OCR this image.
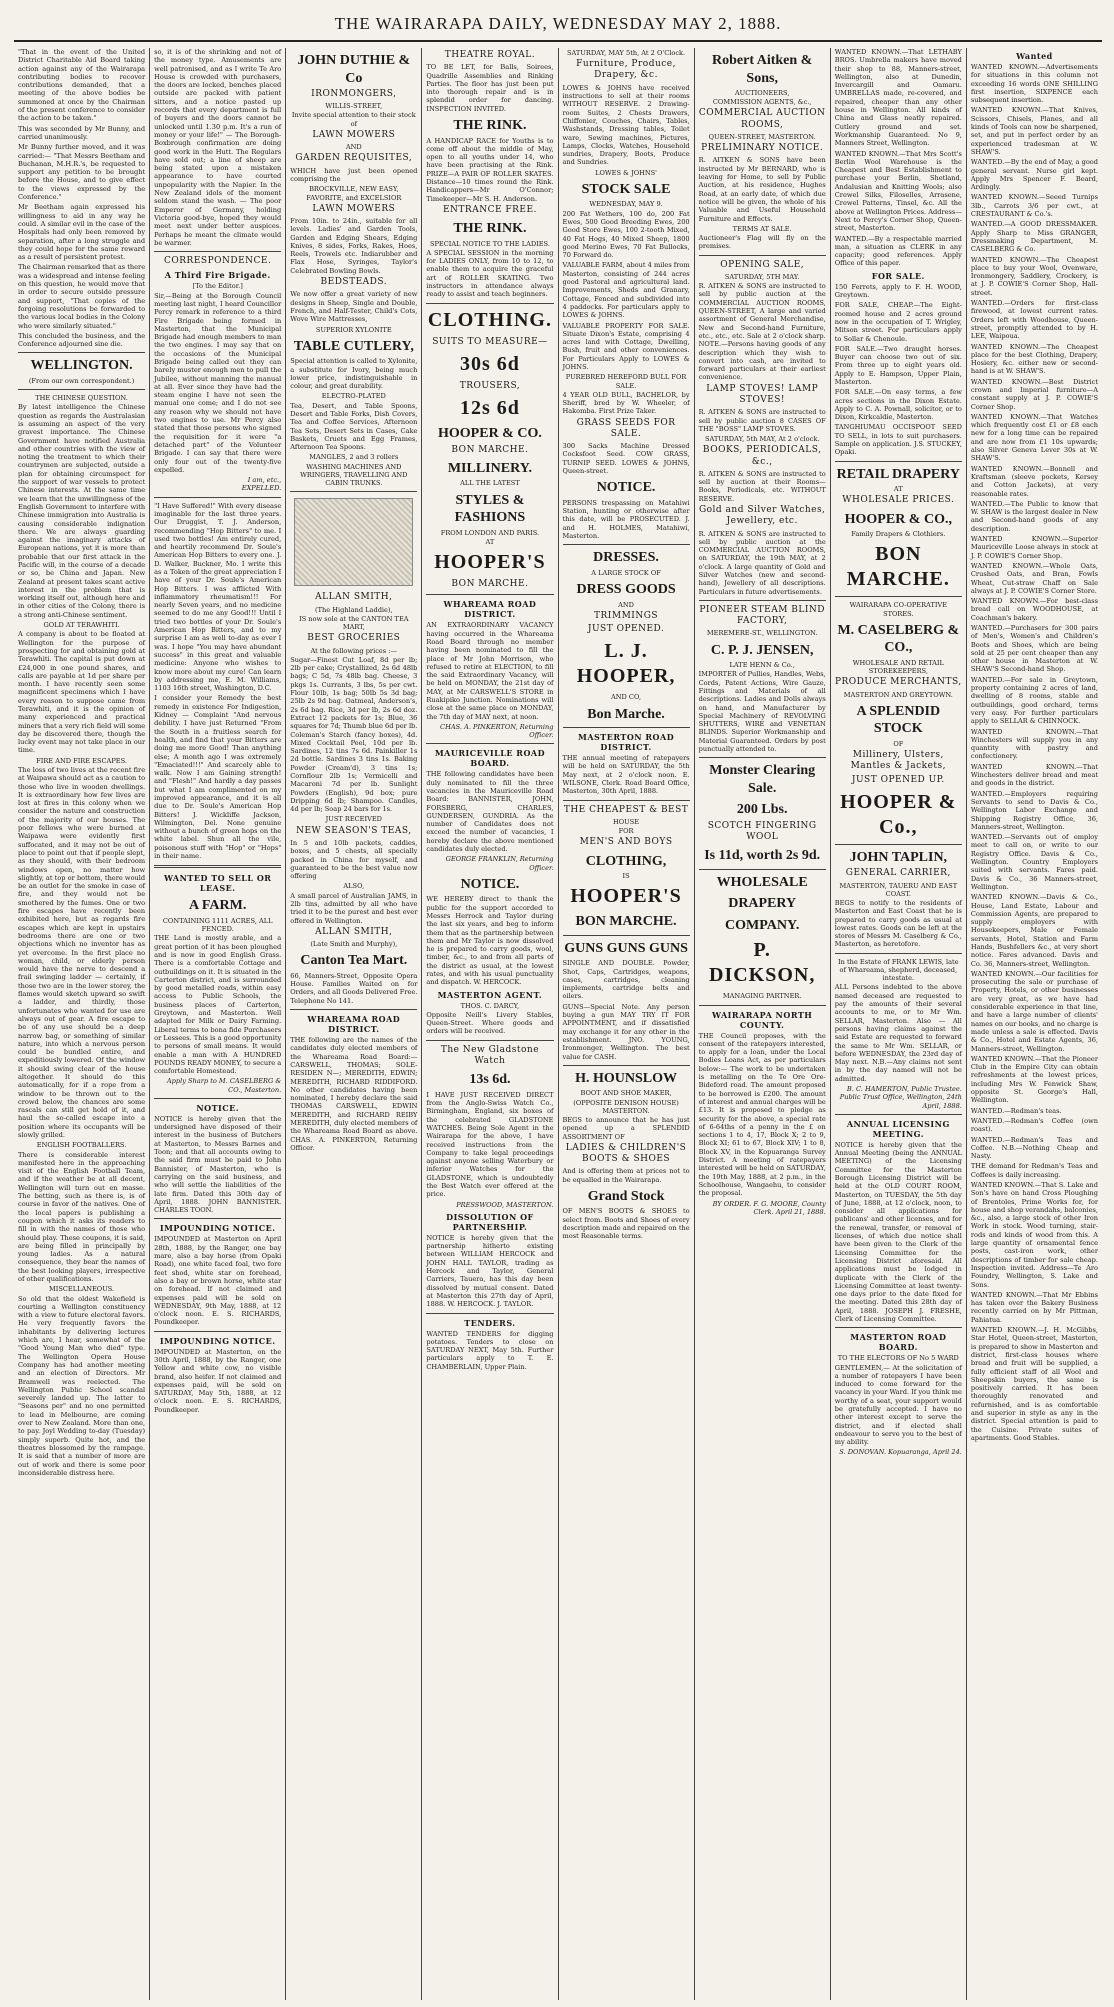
THE WAIRARAPA DAILY, WEDNESDAY MAY 2, 1888.

"That in the event of the United District Charitable Aid Board taking action against any of the Wairarapa contributing bodies to recover contributions demanded, that a meeting of the above bodies be summoned at once by the Chairman of the present conference to consider the action to be taken."

This was seconded by Mr Bunny, and carried unanimously.

Mr Bunny further moved, and it was carried:— "That Messrs Beetham and Buchanan, M.H.R.'s, be requested to support any petition to be brought before the House, and to give effect to the views expressed by the Conference."

Mr Beetham again expressed his willingness to aid in any way he could. A similar evil in the case of the Hospitals had only been removed by separation, after a long struggle and they could hope for the same reward as a result of persistent protest.

The Chairman remarked that as there was a widespread and intense feeling on this question, he would move that in order to secure outside pressure and support, "That copies of the forgoing resolutions be forwarded to the various local bodies in the Colony who were similarly situated."

This concluded the business, and the Conference adjourned sine die.

WELLINGTON.
(From our own correspondent.)
THE CHINESE QUESTION.

By latest intelligence the Chinese question as regards the Australasian is assuming an aspect of the very gravest importance. The Chinese Government have notified Australia and other countries with the view of noting the treatment to which their countrymen are subjected, outside a plan for obtaining circumspect for the support of war vessels to protect Chinese interests. At the same time we learn that the unwillingness of the English Government to interfere with Chinese immigration into Australia is causing considerable indignation there. We are always guarding against the imaginary attacks of European nations, yet it is more than probable that our first attack in the Pacific will, in the course of a decade or so, be China and Japan. New Zealand at present takes scant active interest in the problem that is working itself out, although here and in other cities of the Colony, there is a strong anti-Chinese sentiment.

GOLD AT TERAWHITI.

A company is about to be floated at Wellington for the purpose of prospecting for and obtaining gold at Terawhiti. The capital is put down at £24,000 in one pound shares, and calls are payable at 1d per share per month. I have recently seen some magnificent specimens which I have every reason to suppose came from Terawhiti, and it is the opinion of many experienced and practical miners that a very rich field will some day be discovered there, though the lucky event may not take place in our time.

FIRE AND FIRE ESCAPES.

The loss of two lives at the recent fire at Waipawa should act as a caution to those who live in wooden dwellings. It is extraordinary how few lives are lost at fires in this colony when we consider the nature and construction of the majority of our houses. The poor fellows who were burned at Waipawa were evidently first suffocated, and it may not be out of place to point out that if people slept, as they should, with their bedroom windows open, no matter how slightly, at top or bottom, there would be an outlet for the smoke in case of fire, and they would not be smothered by the fumes. One or two fire escapes have recently been exhibited here, but as regards fire escapes which are kept in upstairs bedrooms there are one or two objections which no inventor has as yet overcome. In the first place no woman, child, or elderly person would have the nerve to descend a frail swinging ladder — certainly, if those two are in the lower storey, the flames would sketch upward so swift a ladder, and thirdly, those unfortunates who wanted for use are always out of gear. A fire escape to be of any use should be a deep narrow bag, or something of similar nature, into which a nervous person could be bundled entire, and expeditiously lowered. Of the window it should swing clear of the house altogether. It should do this automatically, for if a rope from a window to be thrown out to the crowd below, the chances are some rascals can still get hold of it, and haul the so-called escape into a position where its occupants will be slowly grilled.

ENGLISH FOOTBALLERS.

There is considerable interest manifested here in the approaching visit of the English Football Team, and if the weather be at all decent, Wellington will turn out en masse. The betting, such as there is, is of course in favor of the natives. One of the local papers is publishing a coupon which it asks its readers to fill in with the names of those who should play. These coupons, it is said, are being filled in principally by young ladies. As a natural consequence, they bear the names of the best looking players, irrespective of other qualifications.

MISCELLANEOUS.

So old that the oldest Wakefield is courting a Wellington constituency with a view to future electoral favors. He very frequently favors the inhabitants by delivering lectures which are, I hear, somewhat of the "Good Young Man who died" type. The Wellington Opera House Company has had another meeting and an election of Directors. Mr Bramwell was reelected. The Wellington Public School scandal severely landed up. The latter to "Seasons per" and no one permitted to lead in Melbourne, are coming over to New Zealand. More than one, to pay. Joyl Wedding to-day (Tuesday) simply superb. Quite hot, and the theatres blossomed by the rampage. It is said that a number of more are out of work and there is some poor inconsiderable distress here.

so, it is of the shrinking and not of the money type. Amusements are well patronised, and as I write Te Aro House is crowded with purchasers, the doors are locked, benches placed outside are packed with patient sitters, and a notice pasted up records that every department is full of buyers and the doors cannot be unlocked until 1.30 p.m. It's a run of money or your life!" — The Borough-Boxbrough confirmation are doing good work in the Hutt. The Regulars have sold out; a line of sheep are being stated upon a mistaken appearance to have courted unpopularity with the Napier. In the New Zealand idols of the moment seldom stand the wash. — The poor Emperor of Germany, holding Victoria good-bye, hoped they would meet next under better auspices. Perhaps he meant the climate would be warmer.

CORRESPONDENCE.
A Third Fire Brigade.
[To the Editor.]

Sir,—Being at the Borough Council meeting last night, I heard Councillor Percy remark in reference to a third Fire Brigade being formed in Masterton, that the Municipal Brigade had enough members to man the two engines. I may say that on the occasions of the Municipal Brigade being called out they can barely muster enough men to pull the Jubilee, without manning the manual at all. Ever since they have had the steam engine I have not seen the manual one come; and I do not see any reason why we should not have two engines to use. Mr Percy also stated that those persons who signed the requisition for it were "a detached part" of the Volunteer Brigade. I can say that there were only four out of the twenty-five expelled.

I am, etc.,
EXPELLED.

"I Have Suffered!" With every disease imaginable for the last three years. Our Druggist, T. J. Anderson, recommending "Hop Bitters" to me. I used two bottles! Am entirely cured, and heartily recommend Dr. Soule's American Hop Bitters to every one. J. D. Walker, Buckner, Mo. I write this as a Token of the great appreciation I have of your Dr. Soule's American Hop Bitters. I was afflicted With inflammatory rheumatism!!! For nearly Seven years, and no medicine seemed to do me any Good!!! Until I tried two bottles of your Dr. Soule's American Hop Bitters, and to my surprise I am as well to-day as ever I was. I hope "You may have abundant success" in this great and valuable medicine: Anyone who wishes to know more about my cure! Can learn by addressing me, E. M. Williams, 1103 16th street, Washington, D.C.

I consider your Remedy the best remedy in existence For Indigestion, Kidney — Complaint "And nervous debility. I have just Returned "From the South in a fruitless search for health, and find that your Bitters are doing me more Good! Than anything else; A month ago I was extremely "Emaciated!!!" And scarcely able to walk. Now I am Gaining strength! and "Flesh!" And hardly a day passes but what I am complimented on my improved appearance, and it is all due to Dr. Soule's American Hop Bitters! J. Wickliffe Jackson, Wilmington, Del. None genuine without a bunch of green hops on the white label. Shun all the vile, poisonous stuff with "Hop" or "Hops" in their name.

WANTED TO SELL OR LEASE.
A FARM.
CONTAINING 1111 ACRES, ALL FENCED.

THE Land is mostly arable, and a great portion of it has been ploughed and is now in good English Grass. There is a comfortable Cottage and outbuildings on it. It is situated in the Carterton district, and is surrounded by good metalled roads, within easy access to Public Schools, the business places of Carterton, Greytown, and Masterton. Well adapted for Milk or Dairy Farming. Liberal terms to bona fide Purchasers or Lessees. This is a good opportunity to persons of small means. It would enable a man with A HUNDRED POUNDS READY MONEY, to secure a comfortable Homestead.

Apply Sharp to M. CASELBERG & CO., Masterton.
NOTICE.

NOTICE is hereby given that the undersigned have disposed of their interest in the business of Butchers at Masterton, to Messrs Barnes and Toon; and that all accounts owing to the said firm must be paid to John Bannister, of Masterton, who is carrying on the said business, and who will settle the liabilities of the late firm. Dated this 30th day of April, 1888. JOHN BANNISTER. CHARLES TOON.

IMPOUNDING NOTICE.

IMPOUNDED at Masterton on April 28th, 1888, by the Ranger, one bay mare, also a bay horse (from Opaki Road), one white faced foal, two fore feet shod, white star on forehead, also a bay or brown horse, white star on forehead. If not claimed and expenses paid will be sold on WEDNESDAY, 9th May, 1888, at 12 o'clock noon. E. S. RICHARDS, Poundkeeper.

IMPOUNDING NOTICE.

IMPOUNDED at Masterton, on the 30th April, 1888, by the Ranger, one Yellow and white cow, no visible brand, also heifer. If not claimed and expenses paid, will be sold on SATURDAY, May 5th, 1888, at 12 o'clock noon. E. S. RICHARDS, Poundkeeper.

JOHN DUTHIE & Co
IRONMONGERS,
WILLIS-STREET,
Invite special attention to their stock of
LAWN MOWERS
AND
GARDEN REQUISITES,

WHICH have just been opened comprising the

BROCKVILLE, NEW EASY, FAVORITE, and EXCELSIOR
LAWN MOWERS

From 10in. to 24in., suitable for all levels. Ladies' and Garden Tools, Garden and Edging Shears, Edging Knives, 8 sides, Forks, Rakes, Hoes, Reels, Trowels etc. Indiarubber and Flax Hose, Syringes, Taylor's Celebrated Bowling Bowls.

BEDSTEADS.

We now offer a great variety of new designs in Sheep, Single and Double, French, and Half-Tester, Child's Cots, Wove Wire Mattresses,

SUPERIOR XYLONITE
TABLE CUTLERY,

Special attention is called to Xylonite, a substitute for Ivory, being much lower price, indistinguishable in colour, and great durability.

ELECTRO-PLATED

Tea, Desert, and Table Spoons, Desert and Table Forks, Dish Covers, Tea and Coffee Services, Afternoon Tea Sets, Desert Sets in Cases, Cake Baskets, Cruets and Egg Frames, Afternoon Tea Spoons.

MANGLES, 2 and 3 rollers
WASHING MACHINES AND WRINGERS, TRAVELLING AND CABIN TRUNKS.
ALLAN SMITH,
(The Highland Laddie),
IS now sole at the CANTON TEA MART,
BEST GROCERIES
At the following prices :—

Sugar—Finest Cut Loaf, 8d per lb; 2lb per cake; Crystallized, 2s 6d 48lb bags; C 5d, 7s 48lb bag. Cheese, 3 pkgs 1s. Currants, 3 lbs, 5s per cwt. Flour 10lb, 1s bag; 50lb 5s 3d bag; 25lb 2s 9d bag. Oatmeal, Anderson's, 2s 6d bag. Rice, 3d per lb, 2s 6d doz. Extract 12 packets for 1s; Blue, 36 squares for 7d; Thumb blue 6d per lb. Coleman's Starch (fancy boxes), 4d. Mixed Cocktail Peel, 10d per lb. Sardines, 12 tins 7s 6d. Painkiller 1s 2d bottle. Sardines 3 tins 1s. Baking Powder (Cream'd), 3 tins 1s; Cornflour 2lb 1s; Vermicelli and Macaroni 7d per lb. Sunlight Powders (English), 9d box; pure Dripping 6d lb; Shampoo. Candles, 4d per lb; Soap 24 bars for 1s.

JUST RECEIVED
NEW SEASON'S TEAS,

In 5 and 10lb packets, caddies, boxes, and 5 chests, all specially packed in China for myself, and guaranteed to be the best value now offering

ALSO,

A small parcel of Australian JAMS, in 2lb tins, admitted by all who have tried it to be the purest and best ever offered in Wellington.

ALLAN SMITH,
(Late Smith and Murphy),
Canton Tea Mart.

66, Manners-Street, Opposite Opera House. Families Waited on for Orders, and all Goods Delivered Free. Telephone No 141.

WHAREAMA ROAD DISTRICT.

THE following are the names of the candidates duly elected members of the Whareama Road Board:— CARSWELL, THOMAS; SOLE-RESIDEN N—; MEREDITH, EDWIN; MEREDITH, RICHARD RIDDIFORD. No other candidates having been nominated, I hereby declare the said THOMAS CARSWELL, EDWIN MEREDITH, and RICHARD REIBY MEREDITH, duly elected members of the Whareama Road Board as above. CHAS. A. PINKERTON, Returning Officer.

THEATRE ROYAL.

TO BE LET, for Balls, Soirees, Quadrille Assemblies and Rinking Parties. The floor has just been put into thorough repair and is in splendid order for dancing. INSPECTION INVITED.

THE RINK.

A HANDICAP RACE for Youths is to come off about the middle of May, open to all youths under 14, who have been practising at the Rink. PRIZE—A PAIR OF ROLLER SKATES. Distance—10 times round the Rink. Handicappers—Mr O'Connor; Timekeeper—Mr S. H. Anderson.

ENTRANCE FREE.
THE RINK.
SPECIAL NOTICE TO THE LADIES.

A SPECIAL SESSION in the morning for LADIES ONLY, from 10 to 12, to enable them to acquire the graceful art of ROLLER SKATING. Two instructors in attendance always ready to assist and teach beginners.

CLOTHING.
SUITS TO MEASURE—
30s 6d
TROUSERS,
12s 6d
HOOPER & CO.
BON MARCHE.
MILLINERY.
ALL THE LATEST
STYLES & FASHIONS
FROM LONDON AND PARIS.
AT
HOOPER'S
BON MARCHE.
WHAREAMA ROAD DISTRICT.

AN EXTRAORDINARY VACANCY having occurred in the Whareama Road Board through no member having been nominated to fill the place of Mr John Morrison, who refused to retire at ELECTION, to fill the said Extraordinary Vacancy, will be held on MONDAY, the 21st day of MAY, at Mr CARSWELL'S STORE in Ruakipiko Junction. Nominations will close at the same place on MONDAY, the 7th day of MAY next, at noon.

CHAS. A. PINKERTON, Returning Officer.
MAURICEVILLE ROAD BOARD.

THE following candidates have been duly nominated to fill the three vacancies in the Mauriceville Road Board: BANNISTER, JOHN, FORSBERG, CHARLES, GUNDERSEN, GUNDRIA. As the number of Candidates does not exceed the number of vacancies, I hereby declare the above mentioned candidates duly elected.

GEORGE FRANKLIN, Returning Officer.
NOTICE.

WE HEREBY direct to thank the public for the support accorded to Messrs Herrock and Taylor during the last six years, and beg to inform them that as the partnership between them and Mr Taylor is now dissolved he is prepared to carry goods, wool, timber, &c., to and from all parts of the district as usual, at the lowest rates, and with his usual punctuality and dispatch. W. HERCOCK.

MASTERTON AGENT.
THOS. C. DARCY,

Opposite Neill's Livery Stables, Queen-Street. Where goods and orders will be received.

The New Gladstone Watch
13s 6d.

I HAVE JUST RECEIVED DIRECT from the Anglo-Swiss Watch Co., Birmingham, England, six boxes of the celebrated GLADSTONE WATCHES. Being Sole Agent in the Wairarapa for the above, I have received instructions from the Company to take legal proceedings against anyone selling Waterbury or inferior Watches for the GLADSTONE, which is undoubtedly the Best Watch ever offered at the price.

PRESSWOOD, MASTERTON.
DISSOLUTION OF PARTNERSHIP.

NOTICE is hereby given that the partnership hitherto existing between WILLIAM HERCOCK and JOHN HALL TAYLOR, trading as Hercock and Taylor, General Carriers, Tauera, has this day been dissolved by mutual consent. Dated at Masterton this 27th day of April, 1888. W. HERCOCK. J. TAYLOR.

TENDERS.

WANTED TENDERS for digging potatoes. Tenders to close on SATURDAY NEXT, May 5th. Further particulars apply to T. E. CHAMBERLAIN, Upper Plain.

SATURDAY, MAY 5th, At 2 O'Clock.
Furniture, Produce, Drapery, &c.

LOWES & JOHNS have received instructions to sell at their rooms WITHOUT RESERVE. 2 Drawing-room Suites, 2 Chests Drawers, Chiffonier, Couches, Chairs, Tables, Washstands, Dressing tables, Toilet ware, Sewing machines, Pictures, Lamps, Clocks, Watches, Household sundries, Drapery, Boots, Produce and Sundries.

LOWES & JOHNS'
STOCK SALE
WEDNESDAY, MAY 9.

200 Fat Wethers, 100 do, 200 Fat Ewes, 500 Good Breeding Ewes, 200 Good Store Ewes, 100 2-tooth Mixed, 40 Fat Hogs, 40 Mixed Sheep, 1800 good Merino Ewes, 70 Fat Bullocks, 70 Forward do.

VALUABLE FARM, about 4 miles from Masterton, consisting of 244 acres good Pastoral and agricultural land. Improvements, Sheds and Granary, Cottage, Fenced and subdivided into 4 paddocks. For particulars apply to LOWES & JOHNS.

VALUABLE PROPERTY FOR SALE. Situate Dixon's Estate, comprising 4 acres land with Cottage, Dwelling, Bush, fruit and other conveniences. For Particulars Apply to LOWES & JOHNS.

PUREBRED HEREFORD BULL FOR SALE.

4 YEAR OLD BULL, BACHELOR, by Sheriff, bred by W. Wheeler, of Hakomba. First Prize Taker.

GRASS SEEDS FOR SALE.

300 Sacks Machine Dressed Cocksfoot Seed. COW GRASS, TURNIP SEED. LOWES & JOHNS, Queen-street.

NOTICE.

PERSONS trespassing on Matahiwi Station, hunting or otherwise after this date, will be PROSECUTED. J. and H. HOLMES, Matahiwi, Masterton.

DRESSES.
A LARGE STOCK OF
DRESS GOODS
AND
TRIMMINGS
JUST OPENED.
L. J. HOOPER,
AND CO,
Bon Marche.
MASTERTON ROAD DISTRICT.

THE annual meeting of ratepayers will be held on SATURDAY, the 5th May next, at 2 o'clock noon. E. WILSONE, Clerk. Road Board Office, Masterton, 30th April, 1888.

THE CHEAPEST & BEST
HOUSE
FOR
MEN'S AND BOYS
CLOTHING,
IS
HOOPER'S
BON MARCHE.
GUNS GUNS GUNS

SINGLE AND DOUBLE. Powder, Shot, Caps, Cartridges, weapons, cases, cartridges, cleaning implements, cartridge belts and oilers.

GUNS—Special Note. Any person buying a gun MAY TRY IT FOR APPOINTMENT, and if dissatisfied may exchange it for any other in the establishment. JNO. YOUNG, Ironmonger, Wellington. The best value for CASH.

H. HOUNSLOW
BOOT AND SHOE MAKER,
(OPPOSITE DENISON HOUSE) MASTERTON.

BEGS to announce that he has just opened up a SPLENDID ASSORTMENT OF

LADIES & CHILDREN'S BOOTS & SHOES

And is offering them at prices not to be equalled in the Wairarapa.

Grand Stock

OF MEN'S BOOTS & SHOES to select from. Boots and Shoes of every description made and repaired on the most Reasonable terms.

Robert Aitken & Sons,
AUCTIONEERS,
COMMISSION AGENTS, &c.,
COMMERCIAL AUCTION ROOMS,
QUEEN-STREET, MASTERTON.
PRELIMINARY NOTICE.

R. AITKEN & SONS have been instructed by Mr BERNARD, who is leaving for Home, to sell by Public Auction, at his residence, Hughes Road, at an early date, of which due notice will be given, the whole of his Valuable and Useful Household Furniture and Effects.

TERMS AT SALE.

Auctioneer's Flag will fly on the premises.

OPENING SALE,
SATURDAY, 5TH MAY.

R. AITKEN & SONS are instructed to sell by public auction at the COMMERCIAL AUCTION ROOMS, QUEEN-STREET, A large and varied assortment of General Merchandise, New and Second-hand Furniture, etc., etc., etc. Sale at 2 o'clock sharp. NOTE.—Persons having goods of any description which they wish to convert into cash, are invited to forward particulars at their earliest convenience.

LAMP STOVES! LAMP STOVES!

R. AITKEN & SONS are instructed to sell by public auction 8 CASES OF THE "BOSS" LAMP STOVES.

SATURDAY, 5th MAY, At 2 o'clock.
BOOKS, PERIODICALS, &c.,

R. AITKEN & SONS are instructed to sell by auction at their Rooms— Books, Periodicals, etc. WITHOUT RESERVE.

Gold and Silver Watches, Jewellery, etc.

R. AITKEN & SONS are instructed to sell by public auction at the COMMERCIAL AUCTION ROOMS, on SATURDAY, the 19th MAY, at 2 o'clock. A large quantity of Gold and Silver Watches (new and second-hand), Jewellery of all descriptions. Particulars in future advertisements.

PIONEER STEAM BLIND FACTORY,
MEREMERE-ST., WELLINGTON.
C. P. J. JENSEN,
LATE HENN & Co.,

IMPORTER of Pullies, Handles, Webs, Cords, Patent Actions, Wire Gauze, Fittings and Materials of all descriptions. Ladies and Dolls always on hand, and Manufacturer by Special Machinery of REVOLVING SHUTTERS, WIRE and VENETIAN BLINDS. Superior Workmanship and Material Guaranteed. Orders by post punctually attended to.

Monster Clearing Sale.
200 Lbs.
SCOTCH FINGERING WOOL
Is 11d, worth 2s 9d.
WHOLESALE
DRAPERY
COMPANY.
P. DICKSON,
MANAGING PARTNER.
WAIRARAPA NORTH COUNTY.

THE Council proposes, with the consent of the ratepayers interested, to apply for a loan, under the Local Bodies Loans Act, as per particulars below:— The work to be undertaken is metalling on the Te Ore Ore-Bideford road. The amount proposed to be borrowed is £200. The amount of interest and annual charges will be £13. It is proposed to pledge as security for the above, a special rate of 6-64ths of a penny in the £ on sections 1 to 4, 17, Block X; 2 to 9, Block XI; 61 to 67, Block XIV; 1 to 8, Block XV, in the Kopuaranga Survey District. A meeting of ratepayers interested will be held on SATURDAY, the 19th May, 1888, at 2 p.m., in the Schoolhouse, Wangaehu, to consider the proposal.

BY ORDER. F. G. MOORE, County Clerk. April 21, 1888.

WANTED KNOWN.—That LETHABY BROS. Umbrella makers have moved their shop to 88, Manners-street, Wellington, also at Dunedin, Invercargill and Oamaru. UMBRELLAS made, re-covered, and repaired, cheaper than any other house in Wellington. All kinds of China and Glass neatly repaired. Cutlery ground and set. Workmanship Guaranteed. No 9, Manners Street, Wellington.

WANTED KNOWN.—That Mrs Scott's Berlin Wool Warehouse is the Cheapest and Best Establishment to purchase your Berlin, Shetland, Andalusian and Knitting Wools; also Crewel Silks, Filoselles, Arrasene, Crewel Patterns, Tinsel, &c. All the above at Wellington Prices. Address—Next to Percy's Corner Shop, Queen-street, Masterton.

WANTED.—By a respectable married man, a situation as CLERK in any capacity; good references. Apply Office of this paper.

FOR SALE.

150 Ferrets, apply to F. H. WOOD, Greytown.

FOR SALE, CHEAP.—The Eight-roomed house and 2 acres ground now in the occupation of T. Wrigley, Mitson street. For particulars apply to Sollar & Chenoule.

FOR SALE.—Two draught horses. Buyer can choose two out of six. From three up to eight years old. Apply to E. Hampson, Upper Plain, Masterton.

FOR SALE.—On easy terms, a few acres sections in the Dixon Estate. Apply to C. A. Pownall, solicitor, or to Dixon, Kirkcaldie, Masterton.

TANGHIUMAU OCCISPOOT SEED TO SELL, in lots to suit purchasers. Sample on application. J.S. STUCKEY, Opaki.

RETAIL DRAPERY
AT
WHOLESALE PRICES.
HOOPER & CO.,
Family Drapers & Clothiers.
BON MARCHE.
WAIRARAPA CO-OPERATIVE STORES.
M. CASELBERG & CO.,
WHOLESALE AND RETAIL STOREKEEPERS,
PRODUCE MERCHANTS,
MASTERTON AND GREYTOWN.
A SPLENDID STOCK
OF
Millinery, Ulsters, Mantles & Jackets,
JUST OPENED UP.
HOOPER & Co.,
JOHN TAPLIN,
GENERAL CARRIER,
MASTERTON, TAUERU AND EAST COAST.

BEGS to notify to the residents of Masterton and East Coast that he is prepared to carry goods as usual at lowest rates. Goods can be left at the stores of Messrs M. Caselberg & Co., Masterton, as heretofore.

In the Estate of FRANK LEWIS, late of Whareama, shepherd, deceased, intestate.

ALL Persons indebted to the above named deceased are requested to pay the amounts of their several accounts to me, or to Mr Wm. SELLAR, Masterton. Also — All persons having claims against the said Estate are requested to forward the same to Mr Wm. SELLAR, or before WEDNESDAY, the 23rd day of May next. N.B.—Any claims not sent in by the day named will not be admitted.

B. C. HAMERTON, Public Trustee. Public Trust Office, Wellington, 24th April, 1888.
ANNUAL LICENSING MEETING.

NOTICE is hereby given that the Annual Meeting (being the ANNUAL MEETING) of the Licensing Committee for the Masterton Borough Licensing District will be held at the OLD COURT ROOM, Masterton, on TUESDAY, the 5th day of June, 1888, at 12 o'clock, noon, to consider all applications for publicans' and other licenses, and for the renewal, transfer, or removal of licenses, of which due notice shall have been given to the Clerk of the Licensing Committee for the Licensing District aforesaid. All applications must be lodged in duplicate with the Clerk of the Licensing Committee at least twenty-one days prior to the date fixed for the meeting. Dated this 28th day of April, 1888. JOSEPH J. FRESHE, Clerk of Licensing Committee.

MASTERTON ROAD BOARD.
TO THE ELECTORS OF No 5 WARD

GENTLEMEN,— At the solicitation of a number of ratepayers I have been induced to come forward for the vacancy in your Ward. If you think me worthy of a seat, your support would be gratefully accepted. I have no other interest except to serve the district, and if elected shall endeavour to serve you to the best of my ability.

S. DONOVAN. Kopuaranga, April 24.
Wanted

WANTED KNOWN.—Advertisements for situations in this column not exceeding 16 words ONE SHILLING first insertion, SIXPENCE each subsequent insertion.

WANTED KNOWN.—That Knives, Scissors, Chisels, Planes, and all kinds of Tools can now be sharpened, set, and put in perfect order by an experienced tradesman at W. SHAW'S.

WANTED.—By the end of May, a good general servant. Nurse girl kept. Apply Mrs Spencer F. Beard, Ardingly.

WANTED KNOWN.—Seeed Turnips 3lb., Carrots 3/6 per cwt., at CRESTAURANT & Co.'s.

WANTED.—A GOOD DRESSMAKER. Apply Sharp to Miss GRANGER, Dressmaking Department, M. CASELBERG & Co.

WANTED KNOWN.—The Cheapest place to buy your Wool, Ovenware, Ironmongery, Saddlery, Crockery, is at J. P. COWIE'S Corner Shop, Hall-street.

WANTED.—Orders for first-class firewood, at lowest current rates. Orders left with Woodhouse, Queen-street, promptly attended to by H. LEE, Waipoua.

WANTED KNOWN.—The Cheapest place for the best Clothing, Drapery, Hosiery, &c. either new or second-hand is at W. SHAW'S.

WANTED KNOWN.—Best District crown and Imperial furniture—A constant supply at J. P. COWIE'S Corner Shop.

WANTED KNOWN.—That Watches which frequently cost £1 or £8 each new for a long time can be repaired and are now from £1 10s upwards; also Silver Geneva Lever 30s at W. SHAW'S.

WANTED KNOWN.—Bonnell and Kraftsman (sleeve pockets, Kersey and Cotton Jackets), at very reasonable rates.

WANTED.—The Public to know that W. SHAW is the largest dealer in New and Second-hand goods of any description.

WANTED KNOWN.—Superior Mauriceville Loose always in stock at J. P. COWIE'S Corner Shop.

WANTED KNOWN.—Whole Oats, Crushed Oats, and Bran, Fowls Wheat, Cut-straw Chaff on Sale always at J. P. COWIE'S Corner Store.

WANTED KNOWN.—For best-class bread call on WOODHOUSE, at Coachman's bakery.

WANTED.—Purchasers for 300 pairs of Men's, Women's and Children's Boots and Shoes, which are being sold at 25 per cent cheaper than any other house in Masterton at W. SHAW'S Second-hand Shop.

WANTED.—For sale in Greytown, property containing 2 acres of land, dwelling of 8 rooms, stable and outbuildings, good orchard, terms very easy. For further particulars apply to SELLAR & CHINNOCK.

WANTED KNOWN.—That Winchesters will supply you in any quantity with pastry and confectionery.

WANTED KNOWN.—That Winchesters deliver bread and meat and goods in the district.

WANTED.—Employers requiring Servants to send to Davis & Co., Wellington Labor Exchange and Shipping Registry Office, 36, Manners-street, Wellington.

WANTED.—Servants out of employ meet to call on, or write to our Registry Office. Davis & Co., Wellington. Country Employers suited with servants. Fares paid. Davis & Co., 36 Manners-street, Wellington.

WANTED KNOWN.—Davis & Co., House, Land Estate, Labour and Commission Agents, are prepared to supply employers with Housekeepers, Male or Female servants, Hotel, Station and Farm Hands, Bushfellers &c., at very short notice. Fares advanced. Davis and Co. 36, Manners-street, Wellington.

WANTED KNOWN.—Our facilities for prosecuting the sale or purchase of Property, Hotels, or other businesses are very great, as we have had considerable experience in that line, and have a large number of clients' names on our books, and no charge is made unless a sale is effected. Davis & Co., Hotel and Estate Agents, 36, Manners-street, Wellington.

WANTED KNOWN.—That the Pioneer Club in the Empire City can obtain refreshments at the lowest prices, including Mrs W. Fenwick Shaw, opposite St. George's Hall, Wellington.

WANTED.—Redman's teas.

WANTED.—Redman's Coffee (own roast).

WANTED.—Redman's Teas and Coffee. N.B.—Nothing Cheap and Nasty.

THE demand for Redman's Teas and Coffees is daily increasing.

WANTED KNOWN.—That S. Lake and Son's have on hand Cross Ploughing of Brentoles, Prime Works for, for house and shop verandahs, balconies, &c., also, a large stock of other Iron Work in stock. Wood turning, stair-rods and kinds of wood from this. A large quantity of ornamental fence posts, cast-iron work, other descriptions of timber for sale cheap. Inspection invited. Address—Te Aro Foundry, Wellington, S. Lake and Sons.

WANTED KNOWN.—That Mr Ebbins has taken over the Bakery Business recently carried on by Mr Pittman, Pahiatua.

WANTED KNOWN.—J. H. McGibbs, Star Hotel, Queen-street, Masterton, is prepared to show in Masterton and district, first-class houses where bread and fruit will be supplied, a fully efficient staff of all Wool and Sheepskin buyers, the same is positively carried. It has been thoroughly renovated and refurnished, and is as comfortable and superior in style as any in the district. Special attention is paid to the Cuisine. Private suites of apartments. Good Stables.
